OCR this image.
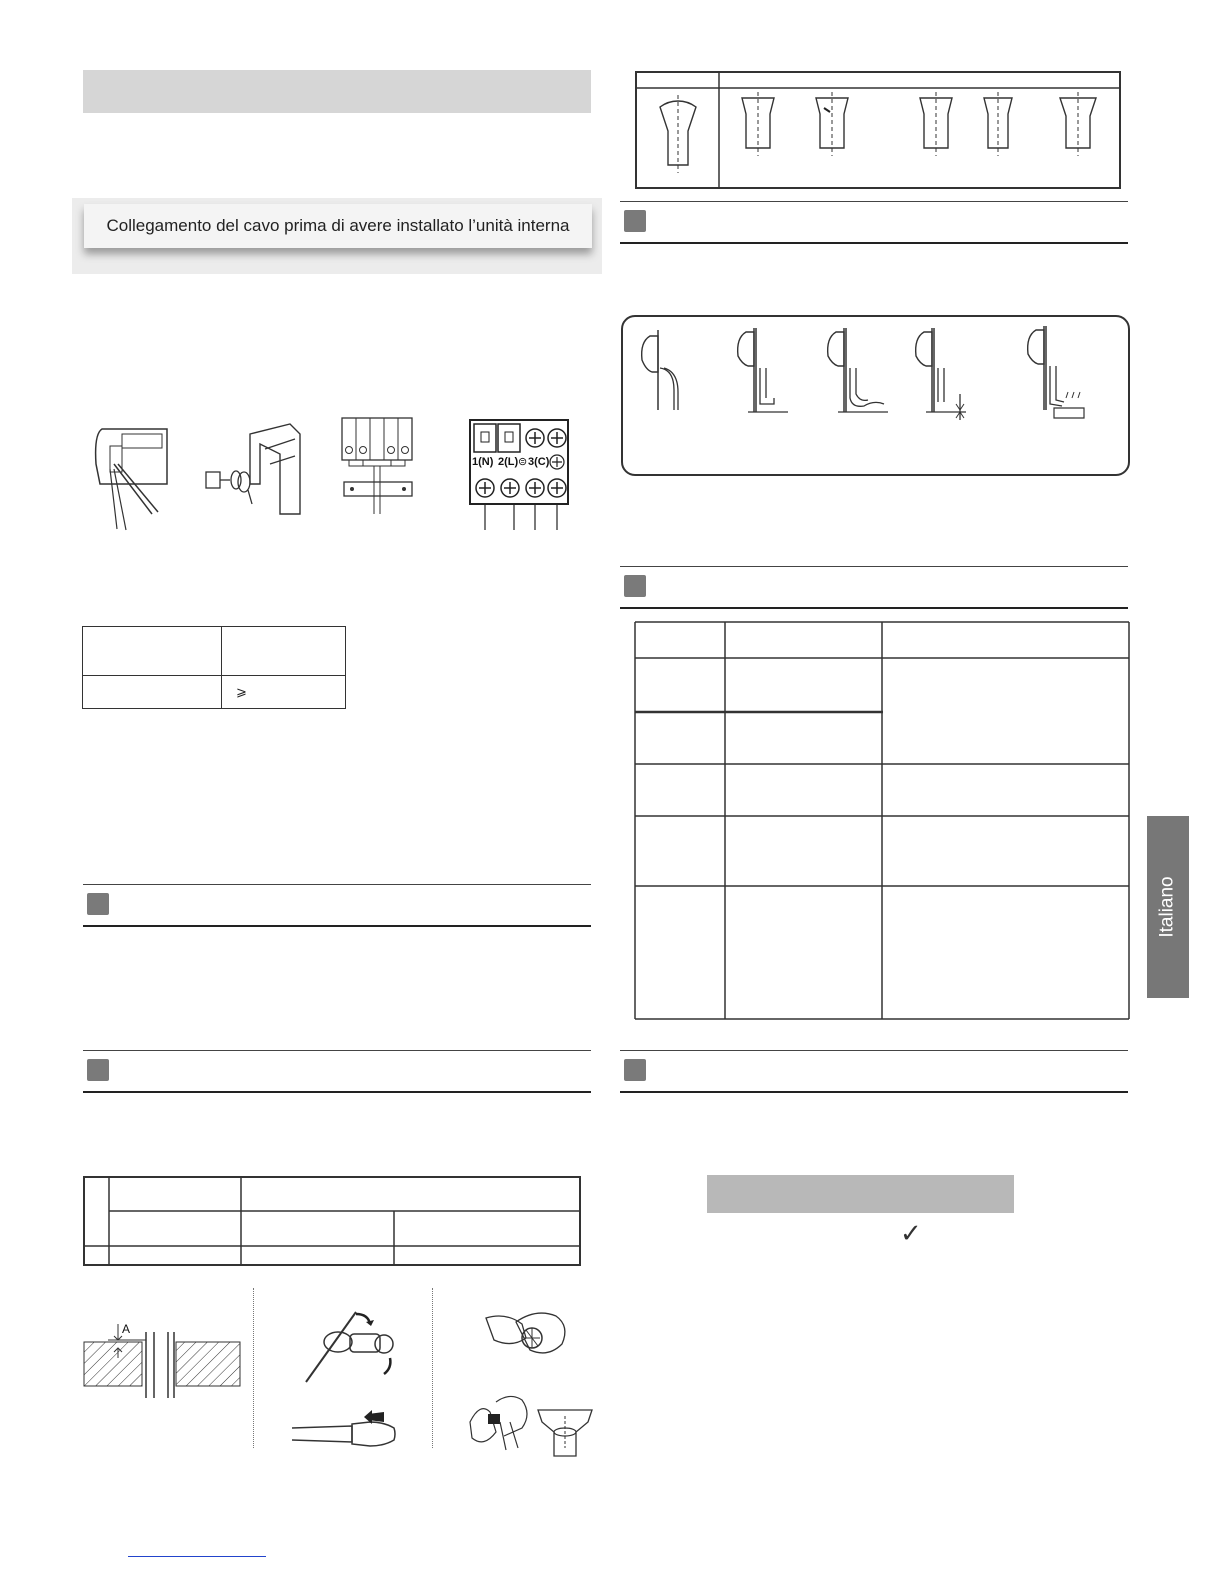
Collegamento del cavo prima di avere installato l’unità interna
1(N) 2(L) ⊜ 3(C)

	⩾
A
Italiano
✓
